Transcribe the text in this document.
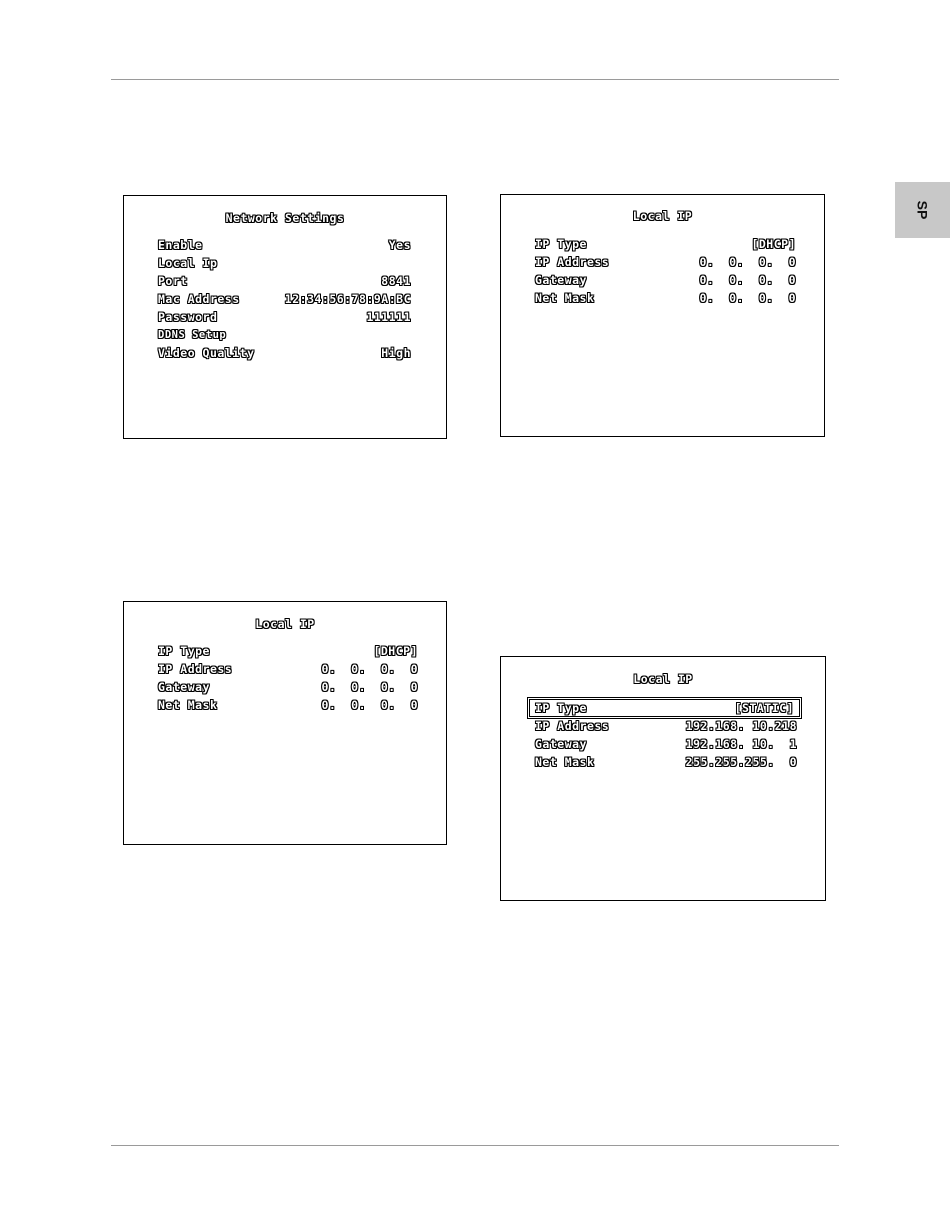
SP
Network Settings
Enable	Yes
Local Ip
Port	8841
Mac Address	12:34:56:78:9A:BC
Password	111111
DDNS Setup
Video Quality	High
Local IP
IP Type	[DHCP]
IP Address	0.  0.  0.  0
Gateway	0.  0.  0.  0
Net Mask	0.  0.  0.  0
Local IP
IP Type	[DHCP]
IP Address	0.  0.  0.  0
Gateway	0.  0.  0.  0
Net Mask	0.  0.  0.  0
Local IP
IP Type	[STATIC]
IP Address	192.168. 10.218
Gateway	192.168. 10.  1
Net Mask	255.255.255.  0
